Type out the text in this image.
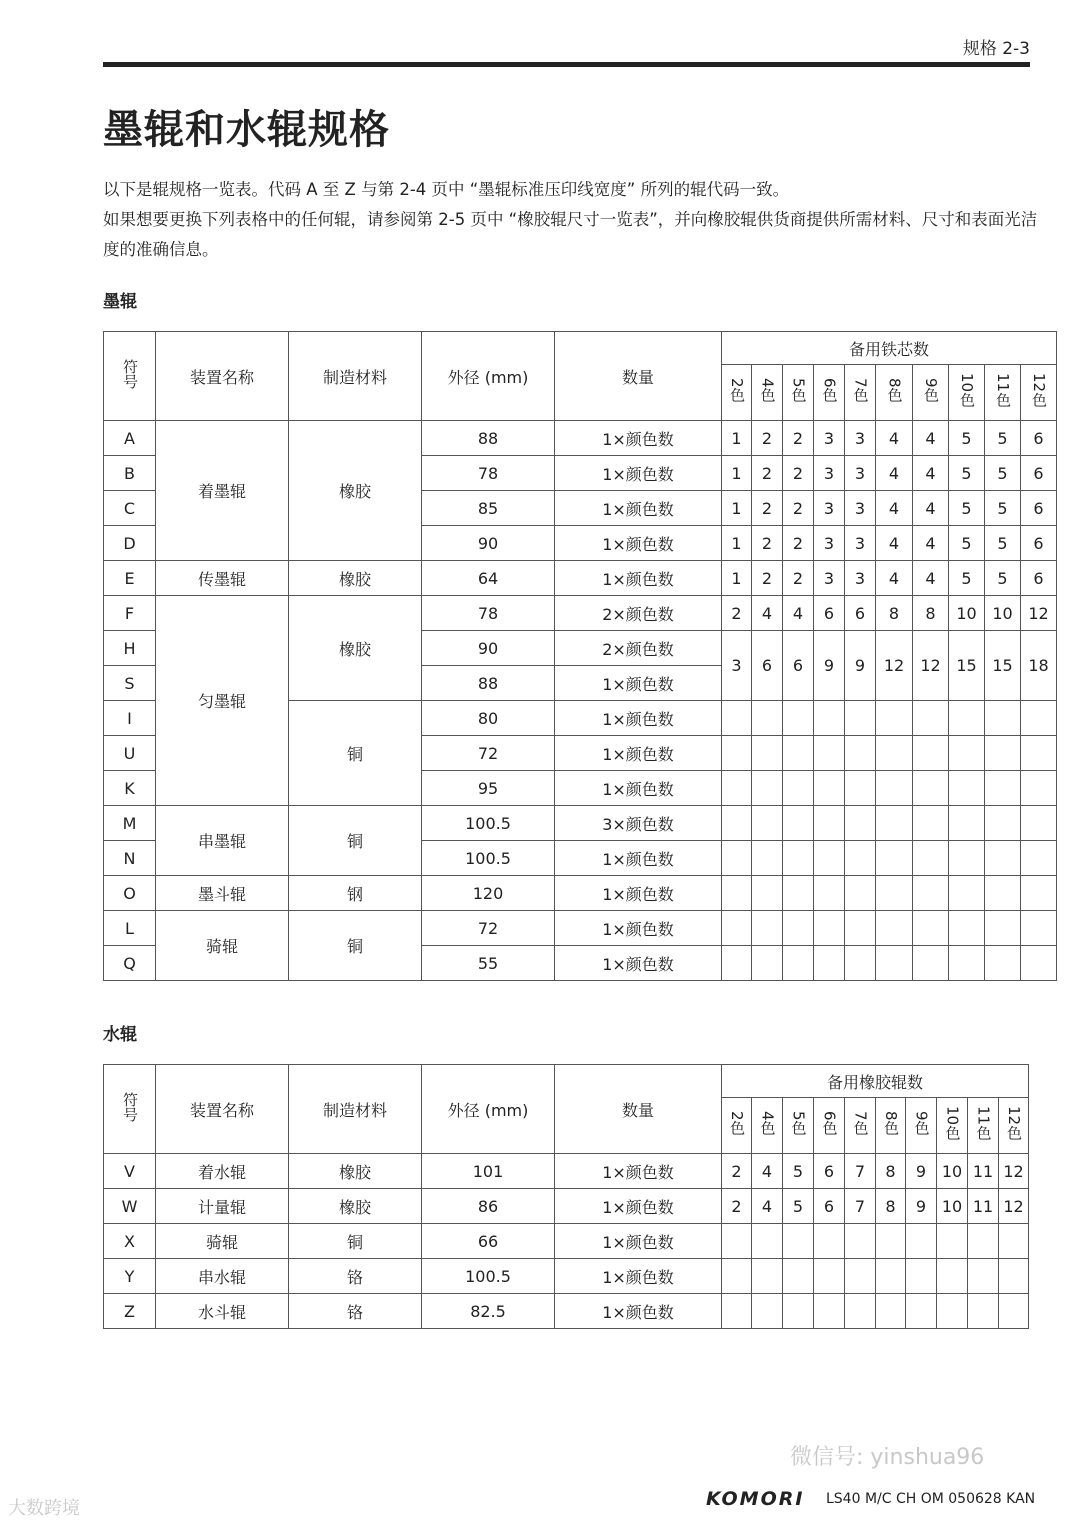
规格 2-3
墨辊和水辊规格

以下是辊规格一览表。代码 A 至 Z 与第 2-4 页中 “墨辊标准压印线宽度” 所列的辊代码一致。

如果想要更换下列表格中的任何辊，请参阅第 2-5 页中 “橡胶辊尺寸一览表”，并向橡胶辊供货商提供所需材料、尺寸和表面光洁度的准确信息。

墨辊
符号	装置名称	制造材料	外径 (mm)	数量	备用铁芯数									
					2色	4色	5色	6色	7色	8色	9色	10色	11色	12色
A	着墨辊	橡胶	88	1×颜色数	1	2	2	3	3	4	4	5	5	6
B			78	1×颜色数	1	2	2	3	3	4	4	5	5	6
C			85	1×颜色数	1	2	2	3	3	4	4	5	5	6
D			90	1×颜色数	1	2	2	3	3	4	4	5	5	6
E	传墨辊	橡胶	64	1×颜色数	1	2	2	3	3	4	4	5	5	6
F	匀墨辊	橡胶	78	2×颜色数	2	4	4	6	6	8	8	10	10	12
H			90	2×颜色数	3	6	6	9	9	12	12	15	15	18
S			88	1×颜色数										
I		铜	80	1×颜色数										
U			72	1×颜色数										
K			95	1×颜色数										
M	串墨辊	铜	100.5	3×颜色数										
N			100.5	1×颜色数										
O	墨斗辊	钢	120	1×颜色数										
L	骑辊	铜	72	1×颜色数										
Q			55	1×颜色数										
水辊
符号	装置名称	制造材料	外径 (mm)	数量	备用橡胶辊数									
					2色	4色	5色	6色	7色	8色	9色	10色	11色	12色
V	着水辊	橡胶	101	1×颜色数	2	4	5	6	7	8	9	10	11	12
W	计量辊	橡胶	86	1×颜色数	2	4	5	6	7	8	9	10	11	12
X	骑辊	铜	66	1×颜色数										
Y	串水辊	铬	100.5	1×颜色数										
Z	水斗辊	铬	82.5	1×颜色数										
微信号: yinshua96
大数跨境	KOMORI LS40 M/C CH OM 050628 KAN
